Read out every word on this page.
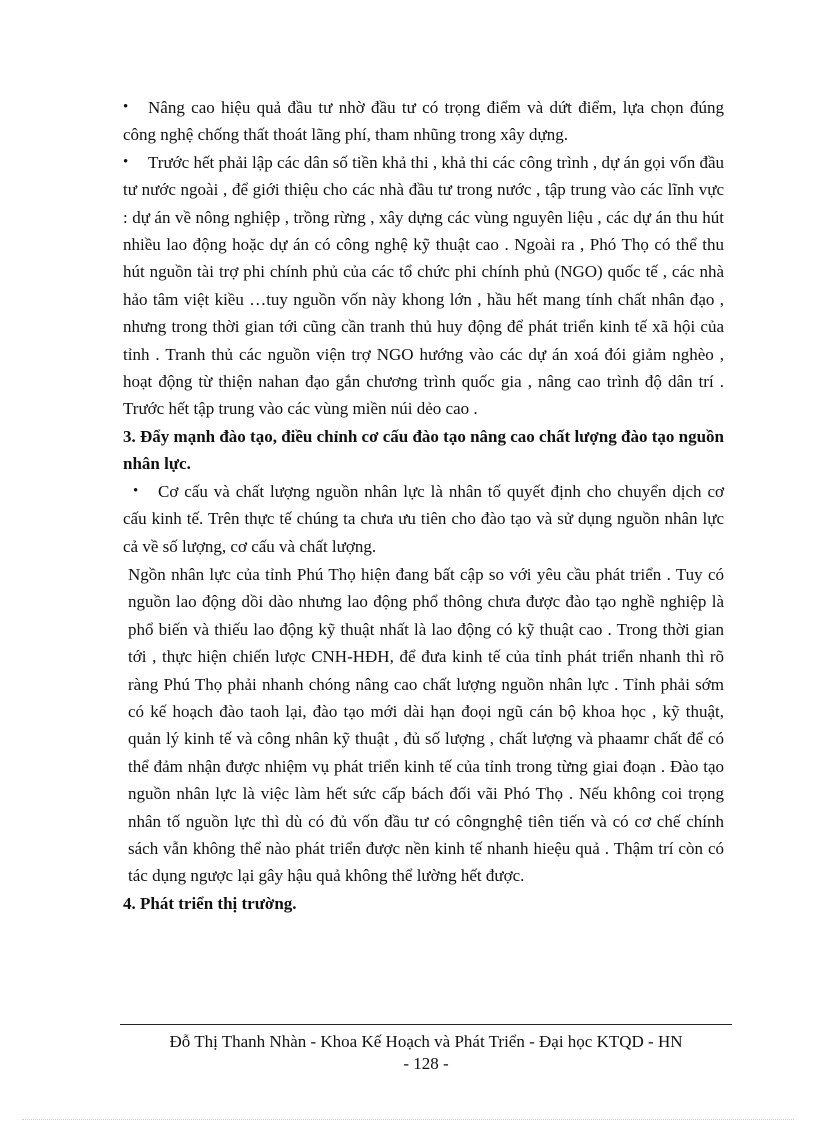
• Nâng cao hiệu quả đầu tư nhờ đầu tư có trọng điểm và dứt điểm, lựa chọn đúng công nghệ chống thất thoát lãng phí, tham nhũng trong xây dựng.
• Trước hết phải lập các dân số tiền khả thi , khả thi các công trình , dự án gọi vốn đầu tư nước ngoài , để giới thiệu cho các nhà đầu tư trong nước , tập trung vào các lĩnh vực : dự án về nông nghiệp , trồng rừng , xây dựng các vùng nguyên liệu , các dự án thu hút nhiều lao động hoặc dự án có công nghệ kỹ thuật cao . Ngoài ra , Phó Thọ có thể thu hút nguồn tài trợ phi chính phủ của các tổ chức phi chính phủ (NGO) quốc tế , các nhà hảo tâm việt kiều …tuy nguồn vốn này khong lớn , hầu hết mang tính chất nhân đạo , nhưng trong thời gian tới cũng cần tranh thủ huy động để phát triển kinh tế xã hội của tỉnh . Tranh thủ các nguồn viện trợ NGO hướng vào các dự án xoá đói giảm nghèo , hoạt động từ thiện nahan đạo gắn chương trình quốc gia , nâng cao trình độ dân trí . Trước hết tập trung vào các vùng miền núi dẻo cao .
3. Đẩy mạnh đào tạo, điều chỉnh cơ cấu đào tạo nâng cao chất lượng đào tạo nguồn nhân lực.
• Cơ cấu và chất lượng nguồn nhân lực là nhân tố quyết định cho chuyển dịch cơ cấu kinh tế. Trên thực tế chúng ta chưa ưu tiên cho đào tạo và sử dụng nguồn nhân lực cả về số lượng, cơ cấu và chất lượng.
Ngồn nhân lực của tỉnh Phú Thọ hiện đang bất cập so với yêu cầu phát triển . Tuy có nguồn lao động dồi dào nhưng lao động phổ thông chưa được đào tạo nghề nghiệp là phổ biến và thiếu lao động kỹ thuật nhất là lao động có kỹ thuật cao . Trong thời gian tới , thực hiện chiến lược CNH-HĐH, để đưa kinh tế của tỉnh phát triển nhanh thì rõ ràng Phú Thọ phải nhanh chóng nâng cao chất lượng nguồn nhân lực . Tỉnh phải sớm có kế hoạch đào taoh lại, đào tạo mới dài hạn đoọi ngũ cán bộ khoa học , kỹ thuật, quản lý kinh tế và công nhân kỹ thuật , đủ số lượng , chất lượng và phaamr chất để có thể đảm nhận được nhiệm vụ phát triển kinh tế của tỉnh trong từng giai đoạn . Đào tạo nguồn nhân lực là việc làm hết sức cấp bách đối vãi Phó Thọ . Nếu không coi trọng nhân tố nguồn lực thì dù có đủ vốn đầu tư có côngnghệ tiên tiến và có cơ chế chính sách vẫn không thể nào phát triển được nền kinh tế nhanh hieệu quả . Thậm trí còn có tác dụng ngược lại gây hậu quả không thể lường hết được.
4. Phát triển thị trường.
Đỗ Thị Thanh Nhàn - Khoa Kế Hoạch và Phát Triển - Đại học KTQD - HN
- 128 -
